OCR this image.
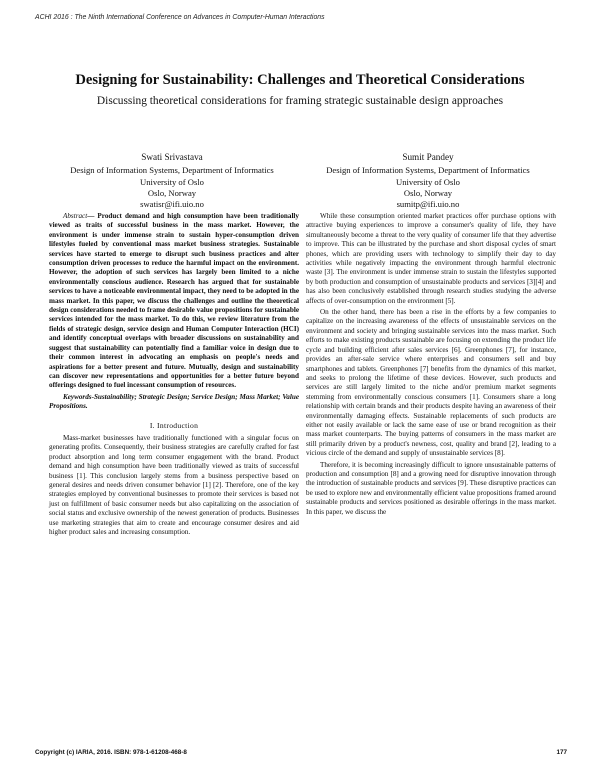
ACHI 2016 : The Ninth International Conference on Advances in Computer-Human Interactions
Designing for Sustainability: Challenges and Theoretical Considerations
Discussing theoretical considerations for framing strategic sustainable design approaches
Swati Srivastava
Design of Information Systems, Department of Informatics
University of Oslo
Oslo, Norway
swatisr@ifi.uio.no
Sumit Pandey
Design of Information Systems, Department of Informatics
University of Oslo
Oslo, Norway
sumitp@ifi.uio.no

Abstract— Product demand and high consumption have been traditionally viewed as traits of successful business in the mass market. However, the environment is under immense strain to sustain hyper-consumption driven lifestyles fueled by conventional mass market business strategies. Sustainable services have started to emerge to disrupt such business practices and alter consumption driven processes to reduce the harmful impact on the environment. However, the adoption of such services has largely been limited to a niche environmentally conscious audience. Research has argued that for sustainable services to have a noticeable environmental impact, they need to be adopted in the mass market. In this paper, we discuss the challenges and outline the theoretical design considerations needed to frame desirable value propositions for sustainable services intended for the mass market. To do this, we review literature from the fields of strategic design, service design and Human Computer Interaction (HCI) and identify conceptual overlaps with broader discussions on sustainability and suggest that sustainability can potentially find a familiar voice in design due to their common interest in advocating an emphasis on people's needs and aspirations for a better present and future. Mutually, design and sustainability can discover new representations and opportunities for a better future beyond offerings designed to fuel incessant consumption of resources.

Keywords-Sustainability; Strategic Design; Service Design; Mass Market; Value Propositions.

I. Introduction

Mass-market businesses have traditionally functioned with a singular focus on generating profits. Consequently, their business strategies are carefully crafted for fast product absorption and long term consumer engagement with the brand. Product demand and high consumption have been traditionally viewed as traits of successful business [1]. This conclusion largely stems from a business perspective based on general desires and needs driven consumer behavior [1] [2]. Therefore, one of the key strategies employed by conventional businesses to promote their services is based not just on fulfillment of basic consumer needs but also capitalizing on the association of social status and exclusive ownership of the newest generation of products. Businesses use marketing strategies that aim to create and encourage consumer desires and aid higher product sales and increasing consumption.

While these consumption oriented market practices offer purchase options with attractive buying experiences to improve a consumer's quality of life, they have simultaneously become a threat to the very quality of consumer life that they advertise to improve. This can be illustrated by the purchase and short disposal cycles of smart phones, which are providing users with technology to simplify their day to day activities while negatively impacting the environment through harmful electronic waste [3]. The environment is under immense strain to sustain the lifestyles supported by both production and consumption of unsustainable products and services [3][4] and has also been conclusively established through research studies studying the adverse affects of over-consumption on the environment [5].

On the other hand, there has been a rise in the efforts by a few companies to capitalize on the increasing awareness of the effects of unsustainable services on the environment and society and bringing sustainable services into the mass market. Such efforts to make existing products sustainable are focusing on extending the product life cycle and building efficient after sales services [6]. Greenphones [7], for instance, provides an after-sale service where enterprises and consumers sell and buy smartphones and tablets. Greenphones [7] benefits from the dynamics of this market, and seeks to prolong the lifetime of these devices. However, such products and services are still largely limited to the niche and/or premium market segments stemming from environmentally conscious consumers [1]. Consumers share a long relationship with certain brands and their products despite having an awareness of their environmentally damaging effects. Sustainable replacements of such products are either not easily available or lack the same ease of use or brand recognition as their mass market counterparts. The buying patterns of consumers in the mass market are still primarily driven by a product's newness, cost, quality and brand [2], leading to a vicious circle of the demand and supply of unsustainable services [8].

Therefore, it is becoming increasingly difficult to ignore unsustainable patterns of production and consumption [8] and a growing need for disruptive innovation through the introduction of sustainable products and services [9]. These disruptive practices can be used to explore new and environmentally efficient value propositions framed around sustainable products and services positioned as desirable offerings in the mass market. In this paper, we discuss the

Copyright (c) IARIA, 2016. ISBN: 978-1-61208-468-8	177
